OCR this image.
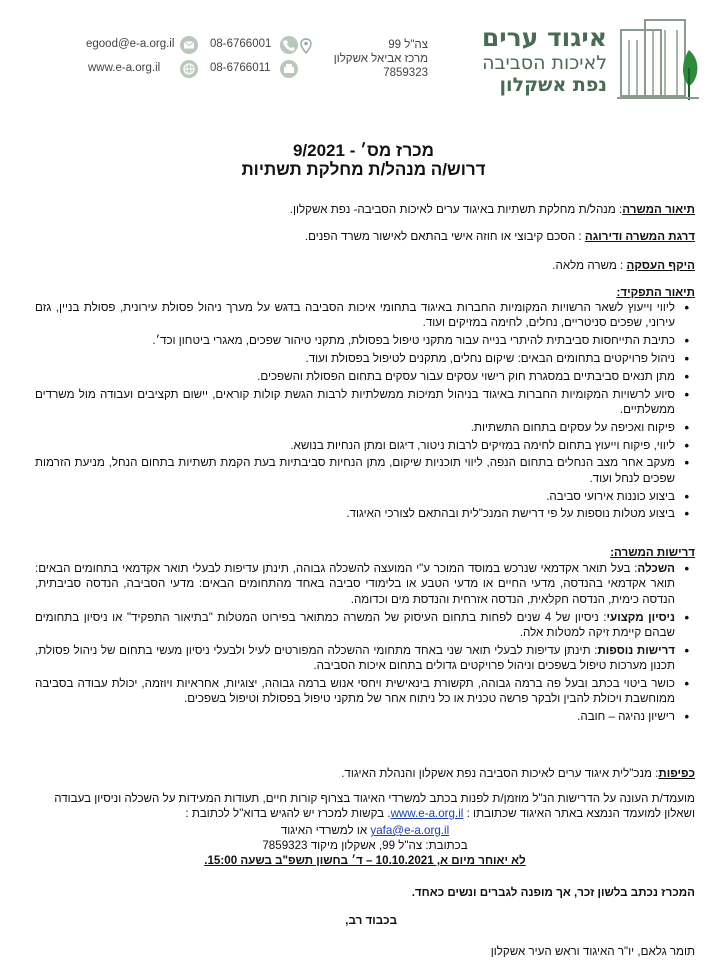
איגוד ערים
לאיכות הסביבה
נפת אשקלון
צה"ל 99
מרכז אביאל אשקלון
7859323
08-6766001
08-6766011
egood@e-a.org.il
www.e-a.org.il
מכרז מס׳ - 9/2021
דרוש/ה מנהל/ת מחלקת תשתיות
תיאור המשרה: מנהל/ת מחלקת תשתיות באיגוד ערים לאיכות הסביבה- נפת אשקלון.
דרגת המשרה ודירוגה : הסכם קיבוצי או חוזה אישי בהתאם לאישור משרד הפנים.
היקף העסקה : משרה מלאה.
תיאור התפקיד:
• ליווי וייעוץ לשאר הרשויות המקומיות החברות באיגוד בתחומי איכות הסביבה בדגש על מערך ניהול פסולת עירונית, פסולת בניין, גזם עירוני, שפכים סניטריים, נחלים, לחימה במזיקים ועוד.
• כתיבת התייחסות סביבתית להיתרי בנייה עבור מתקני טיפול בפסולת, מתקני טיהור שפכים, מאגרי ביטחון וכד׳.
• ניהול פרויקטים בתחומים הבאים: שיקום נחלים, מתקנים לטיפול בפסולת ועוד.
• מתן תנאים סביבתיים במסגרת חוק רישוי עסקים עבור עסקים בתחום הפסולת והשפכים.
• סיוע לרשויות המקומיות החברות באיגוד בניהול תמיכות ממשלתיות לרבות הגשת קולות קוראים, יישום תקציבים ועבודה מול משרדים ממשלתיים.
• פיקוח ואכיפה על עסקים בתחום התשתיות.
• ליווי, פיקוח וייעוץ בתחום לחימה במזיקים לרבות ניטור, דיגום ומתן הנחיות בנושא.
• מעקב אחר מצב הנחלים בתחום הנפה, ליווי תוכניות שיקום, מתן הנחיות סביבתיות בעת הקמת תשתיות בתחום הנחל, מניעת הזרמות שפכים לנחל ועוד.
• ביצוע כוננות אירועי סביבה.
• ביצוע מטלות נוספות על פי דרישת המנכ"לית ובהתאם לצורכי האיגוד.
דרישות המשרה:
• השכלה: בעל תואר אקדמאי שנרכש במוסד המוכר ע"י המועצה להשכלה גבוהה, תינתן עדיפות לבעלי תואר אקדמאי בתחומים הבאים: תואר אקדמאי בהנדסה, מדעי החיים או מדעי הטבע או בלימודי סביבה באחד מהתחומים הבאים: מדעי הסביבה, הנדסה סביבתית, הנדסה כימית, הנדסה חקלאית, הנדסה אזרחית והנדסת מים וכדומה.
• ניסיון מקצועי: ניסיון של 4 שנים לפחות בתחום העיסוק של המשרה כמתואר בפירוט המטלות "בתיאור התפקיד" או ניסיון בתחומים שבהם קיימת זיקה למטלות אלה.
• דרישות נוספות: תינתן עדיפות לבעלי תואר שני באחד מתחומי ההשכלה המפורטים לעיל ולבעלי ניסיון מעשי בתחום של ניהול פסולת, תכנון מערכות טיפול בשפכים וניהול פרויקטים גדולים בתחום איכות הסביבה.
• כושר ביטוי בכתב ובעל פה ברמה גבוהה, תקשורת בינאישית ויחסי אנוש ברמה גבוהה, יצוגיות, אחראיות ויוזמה, יכולת עבודה בסביבה ממוחשבת ויכולת להבין ולבקר פרשה טכנית או כל ניתוח אחר של מתקני טיפול בפסולת וטיפול בשפכים.
• רישיון נהיגה – חובה.
כפיפות: מנכ"לית איגוד ערים לאיכות הסביבה נפת אשקלון והנהלת האיגוד.
מועמד/ת העונה על הדרישות הנ"ל מוזמן/ת לפנות בכתב למשרדי האיגוד בצרוף קורות חיים, תעודות המעידות על השכלה וניסיון בעבודה ושאלון למועמד הנמצא באתר האיגוד שכתובתו : www.e-a.org.il. בקשות למכרז יש להגיש בדוא"ל לכתובת :
yafa@e-a.org.il או למשרדי האיגוד
בכתובת: צה"ל 99, אשקלון מיקוד 7859323
לא יאוחר מיום א, 10.10.2021 – ד׳ בחשון תשפ"ב בשעה 15:00.
המכרז נכתב בלשון זכר, אך מופנה לגברים ונשים כאחד.
בכבוד רב,
תומר גלאם, יו"ר האיגוד וראש העיר אשקלון
